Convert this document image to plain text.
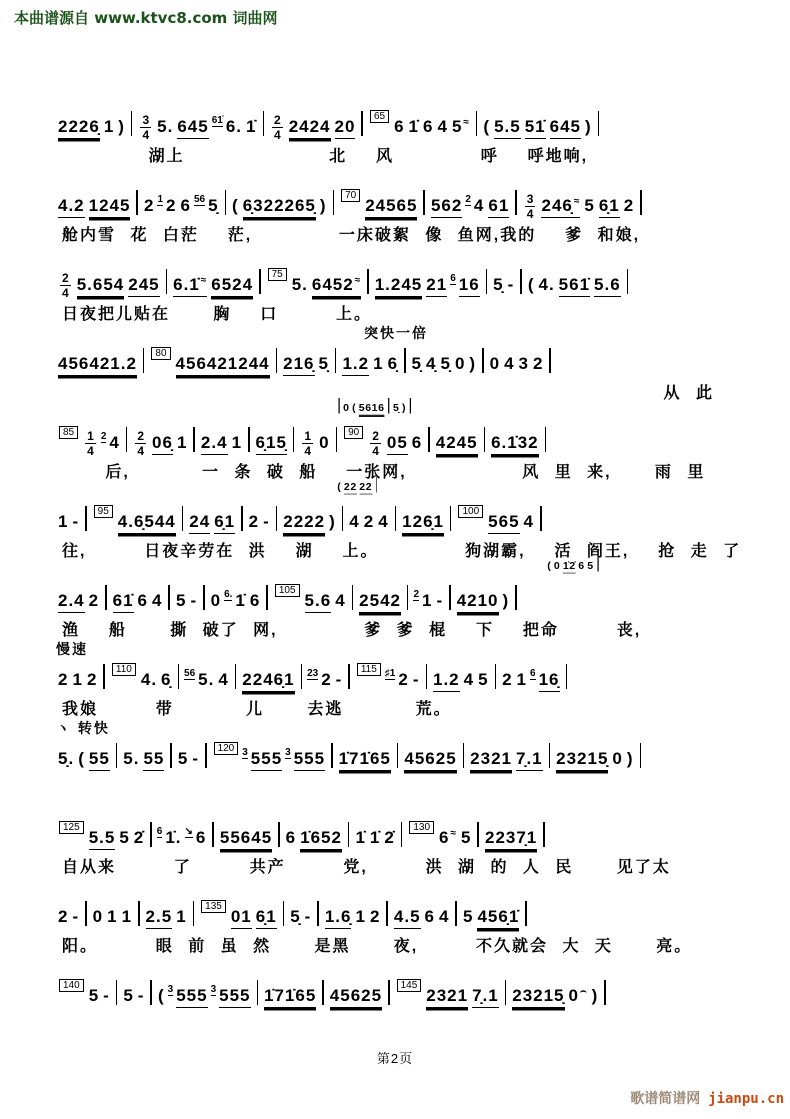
本曲谱源自 www.ktvc8.com 词曲网
2226̣ 1 ) $\frac{3}{4} 5$. 645 61̇ 6. 1̇ $\frac{2}{4} 2424$ 20656 1̇ 6 4 5≈ ( 5.5 51̇ 645 )
湖上          北  风      呼  呼地响,
4.2 1245 2 1 2 6 56 5̣ ( 6̣322265̣ )7024565 562 2 4 $61 \frac{3}{4}$ 246̣≈ 5 6̣1 2
舱内雪 花 白茫  茫,      一床破絮 像 鱼网,我的  爹 和娘,
$\frac{2}{4} 5.654$ 245 6.1̇≈ 6524755. 6452≈ 1.245 21 6 16 5̣ - ( 4. 561̇ 5.6
日夜把儿贴在   胸  口    上。
突快一倍
456421.280456421244 216̣ 5̣ 1.2 1 6̣ 5̣ 4̣ 5̣ 0 ) 0 4 3 2
从 此
0 ( 5616 5̣ )
$85 \frac{1}{4} 2$ $4 \frac{2}{4}$ 06̣ 1 2.4 1 6̣15̣ $\frac{1}{4} 090 \frac{2}{4} 05$ 6 4245 6.1̇32
后,     一 条 破 船  一张网,        风 里 来,   雨 里
( 22 22
1 -954.6̣544 24 6̣1 2 - 2222 ) 4 2 4 126̣1100565 4
往,    日夜辛劳在 洪  湖  上。      狗湖霸,  活 阎王,  抢 走 了
( 0 1̇2̇ 6 5
2.4 2 61̇ 6 4 5 - 0 6. 1̇ 61055.6 4 2542 2 1 - 4210 )
渔  船   撕 破了 网,      爹 爹 棍  下  把命    丧,
慢速
2 1 21104. 6̣ 56 5. 4 2246̣1 23 2 -115 ♯1 2 - 1.2 4 5 2 1 6 16̣
我娘    带     儿   去逃     荒。
ヽ 转快
5̣. ( 55 5. 55 5 -120 3 555 3 555 1̇71̇65 45625 2321 7̣.1 23215̣ 0 )
1255.5 5 2̇ 6 1̇. ↘ 6 55645 6 1̇652 1̇ 1̇ 2̇1306≈ 5 2237̣1
自从来    了    共产    党,    洪 湖 的 人 民   见了太
2 - 0 1 1 2.5 113501 6̣1 5̣ - 1.6̣ 1 2 4.5 6 4 5 456̣1̇
阳。    眼 前 虽 然   是黑   夜,    不久就会 大 天   亮。
1405 - 5 - ( 3 555 3 555 1̇71̇65 456251452321 7̣.1 23215̣ 0⌢ )
第2页
歌谱简谱网 jianpu.cn
